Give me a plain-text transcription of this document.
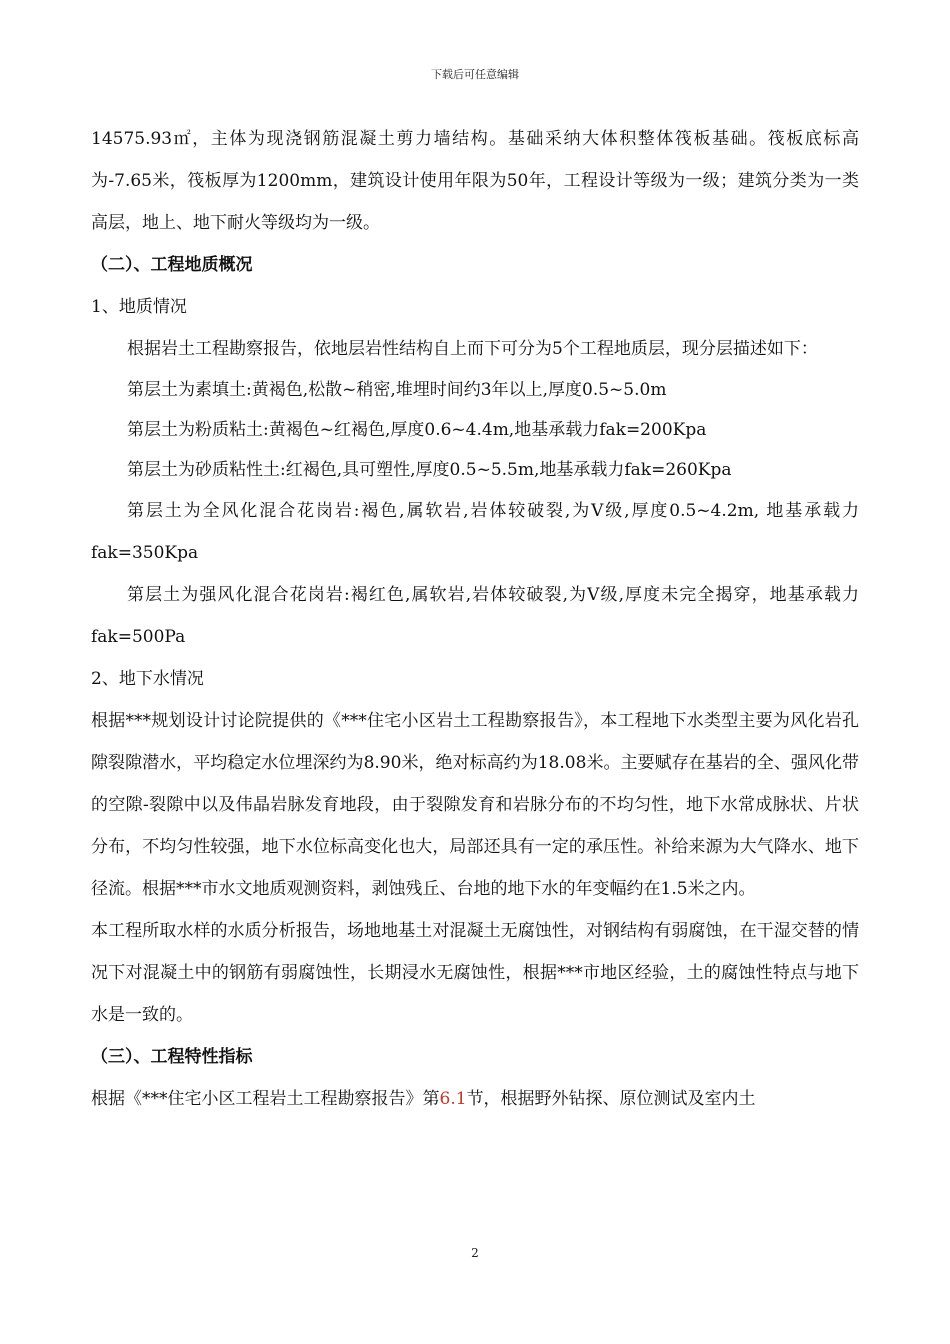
下载后可任意编辑

14575.93㎡，主体为现浇钢筋混凝土剪力墙结构。基础采纳大体积整体筏板基础。筏板底标高为-7.65米，筏板厚为1200mm，建筑设计使用年限为50年，工程设计等级为一级；建筑分类为一类高层，地上、地下耐火等级均为一级。

（二）、工程地质概况

1、地质情况

根据岩土工程勘察报告，依地层岩性结构自上而下可分为5个工程地质层，现分层描述如下：

第层土为素填土:黄褐色,松散~稍密,堆埋时间约3年以上,厚度0.5~5.0m

第层土为粉质粘土:黄褐色~红褐色,厚度0.6~4.4m,地基承载力fak=200Kpa

第层土为砂质粘性土:红褐色,具可塑性,厚度0.5~5.5m,地基承载力fak=260Kpa

第层土为全风化混合花岗岩:褐色,属软岩,岩体较破裂,为Ⅴ级,厚度0.5~4.2m, 地基承载力fak=350Kpa

第层土为强风化混合花岗岩:褐红色,属软岩,岩体较破裂,为Ⅴ级,厚度未完全揭穿，地基承载力fak=500Pa

2、地下水情况

根据***规划设计讨论院提供的《***住宅小区岩土工程勘察报告》，本工程地下水类型主要为风化岩孔隙裂隙潜水，平均稳定水位埋深约为8.90米，绝对标高约为18.08米。主要赋存在基岩的全、强风化带的空隙-裂隙中以及伟晶岩脉发育地段，由于裂隙发育和岩脉分布的不均匀性，地下水常成脉状、片状分布，不均匀性较强，地下水位标高变化也大，局部还具有一定的承压性。补给来源为大气降水、地下径流。根据***市水文地质观测资料，剥蚀残丘、台地的地下水的年变幅约在1.5米之内。

本工程所取水样的水质分析报告，场地地基土对混凝土无腐蚀性，对钢结构有弱腐蚀，在干湿交替的情况下对混凝土中的钢筋有弱腐蚀性，长期浸水无腐蚀性，根据***市地区经验，土的腐蚀性特点与地下水是一致的。

（三）、工程特性指标

根据《***住宅小区工程岩土工程勘察报告》第6.1节，根据野外钻探、原位测试及室内土

2
